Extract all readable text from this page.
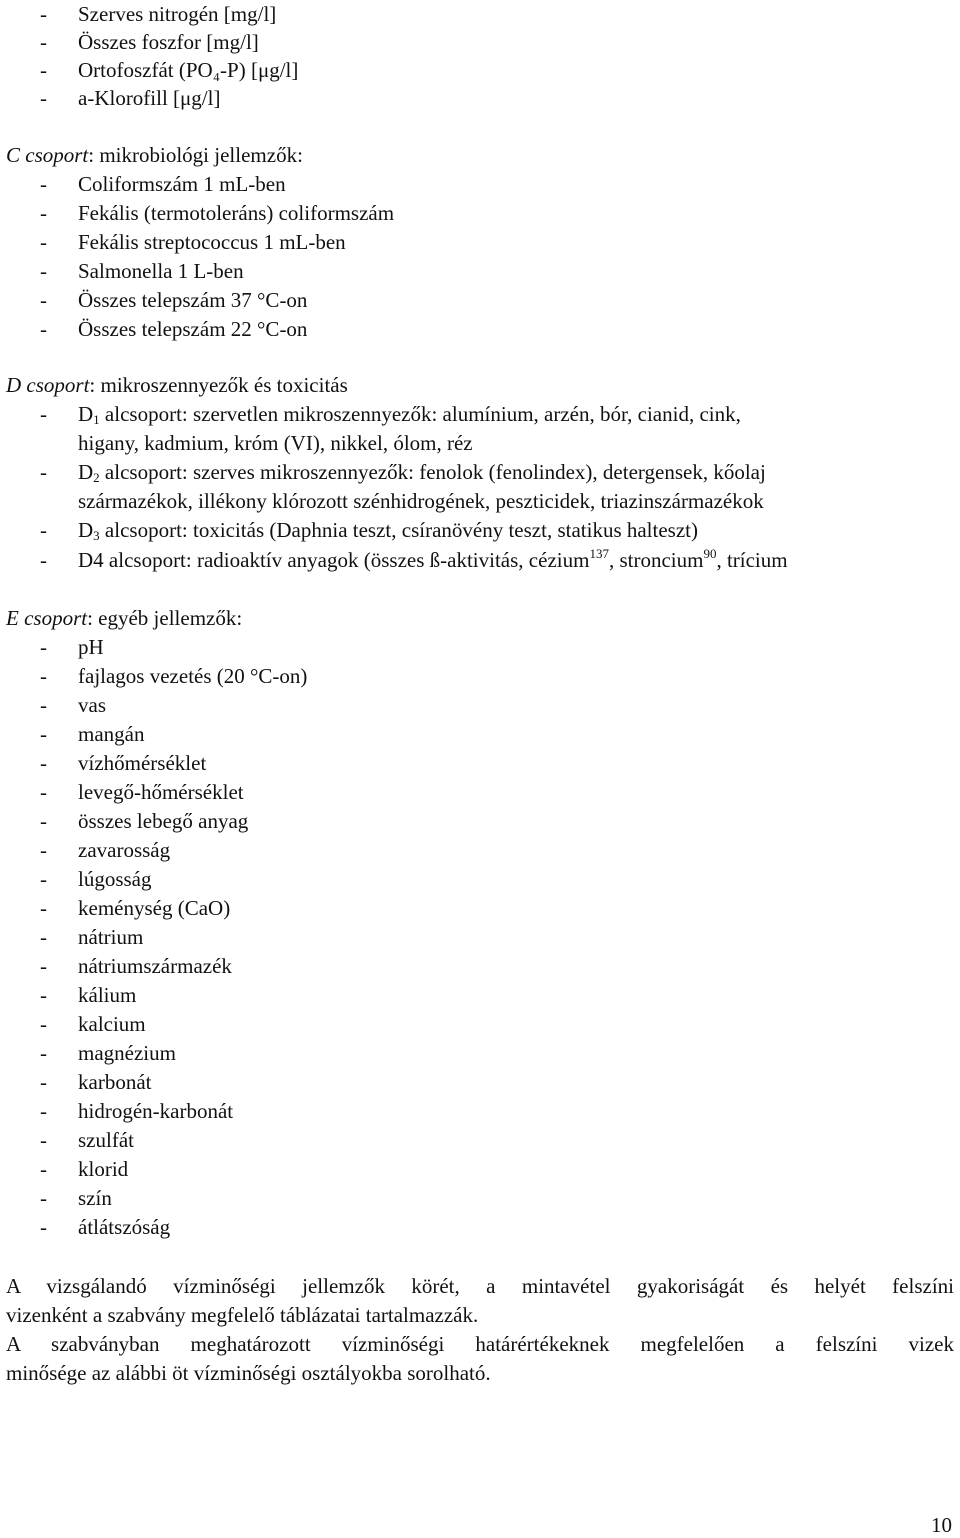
- Szerves nitrogén [mg/l]
- Összes foszfor [mg/l]
- Ortofoszfát (PO₄-P) [μg/l]
- a-Klorofill [μg/l]
C csoport: mikrobiológi jellemzők:
- Coliformszám 1 mL-ben
- Fekális (termotoleráns) coliformszám
- Fekális streptococcus 1 mL-ben
- Salmonella 1 L-ben
- Összes telepszám 37 °C-on
- Összes telepszám 22 °C-on
D csoport: mikroszennyezők és toxicitás
- $D_1$ alcsoport: szervetlen mikroszennyezők: alumínium, arzén, bór, cianid, cink,
higany, kadmium, króm (VI), nikkel, ólom, réz
- $D_2$ alcsoport: szerves mikroszennyezők: fenolok (fenolindex), detergensek, kőolaj
származékok, illékony klórozott szénhidrogének, peszticidek, triazinszármazékok
- $D_3$ alcsoport: toxicitás (Daphnia teszt, csíranövény teszt, statikus halteszt)
- D4 alcsoport: radioaktív anyagok (összes ß-aktivitás, cézium$^{137}$, stroncium$^{90}$, trícium
E csoport: egyéb jellemzők:
- pH
- fajlagos vezetés (20 °C-on)
- vas
- mangán
- vízhőmérséklet
- levegő-hőmérséklet
- összes lebegő anyag
- zavarosság
- lúgosság
- keménység (CaO)
- nátrium
- nátriumszármazék
- kálium
- kalcium
- magnézium
- karbonát
- hidrogén-karbonát
- szulfát
- klorid
- szín
- átlátszóság
A vizsgálandó vízminőségi jellemzők körét, a mintavétel gyakoriságát és helyét felszíni
vizenként a szabvány megfelelő táblázatai tartalmazzák.
A szabványban meghatározott vízminőségi határértékeknek megfelelően a felszíni vizek
minősége az alábbi öt vízminőségi osztályokba sorolható.
10
